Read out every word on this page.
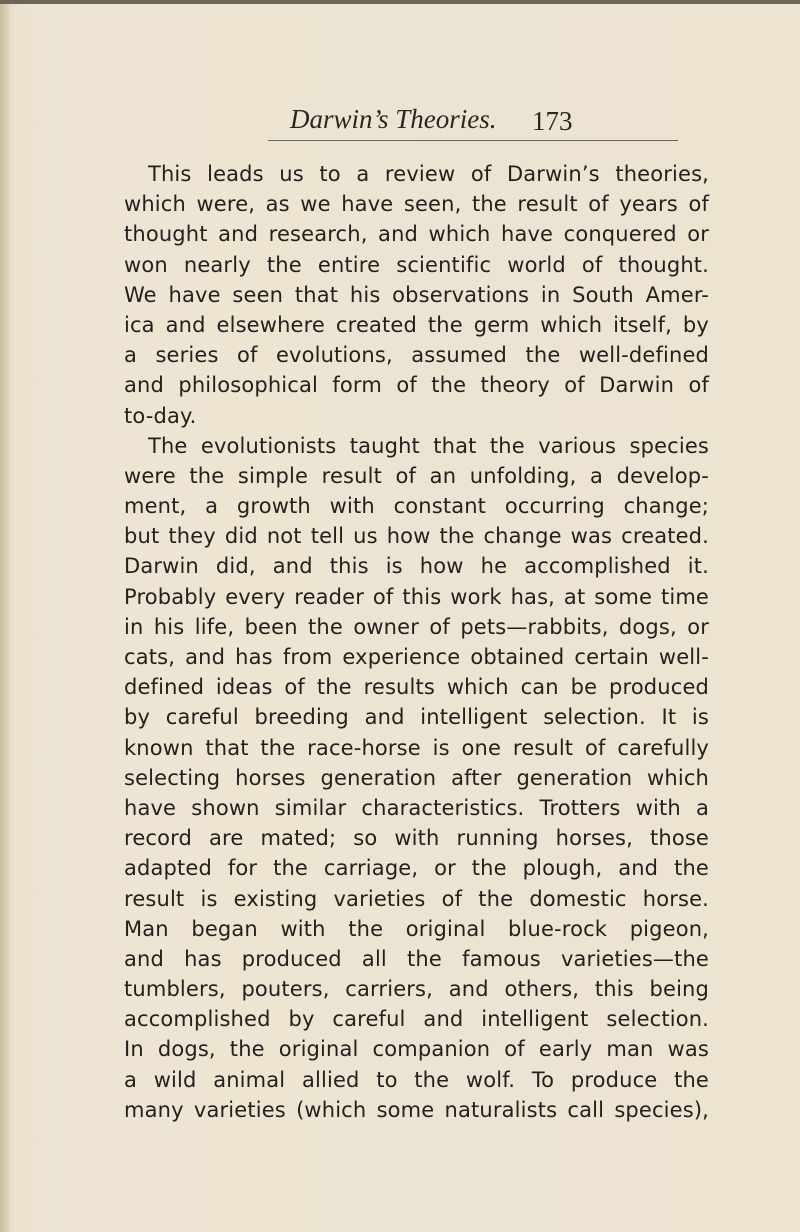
Darwin’s Theories. 173
This leads us to a review of Darwin’s theories,
which were, as we have seen, the result of years of
thought and research, and which have conquered or
won nearly the entire scientific world of thought.
We have seen that his observations in South Amer-
ica and elsewhere created the germ which itself, by
a series of evolutions, assumed the well-defined
and philosophical form of the theory of Darwin of
to-day.
The evolutionists taught that the various species
were the simple result of an unfolding, a develop-
ment, a growth with constant occurring change;
but they did not tell us how the change was created.
Darwin did, and this is how he accomplished it.
Probably every reader of this work has, at some time
in his life, been the owner of pets—rabbits, dogs, or
cats, and has from experience obtained certain well-
defined ideas of the results which can be produced
by careful breeding and intelligent selection. It is
known that the race-horse is one result of carefully
selecting horses generation after generation which
have shown similar characteristics. Trotters with a
record are mated; so with running horses, those
adapted for the carriage, or the plough, and the
result is existing varieties of the domestic horse.
Man began with the original blue-rock pigeon,
and has produced all the famous varieties—the
tumblers, pouters, carriers, and others, this being
accomplished by careful and intelligent selection.
In dogs, the original companion of early man was
a wild animal allied to the wolf. To produce the
many varieties (which some naturalists call species),
